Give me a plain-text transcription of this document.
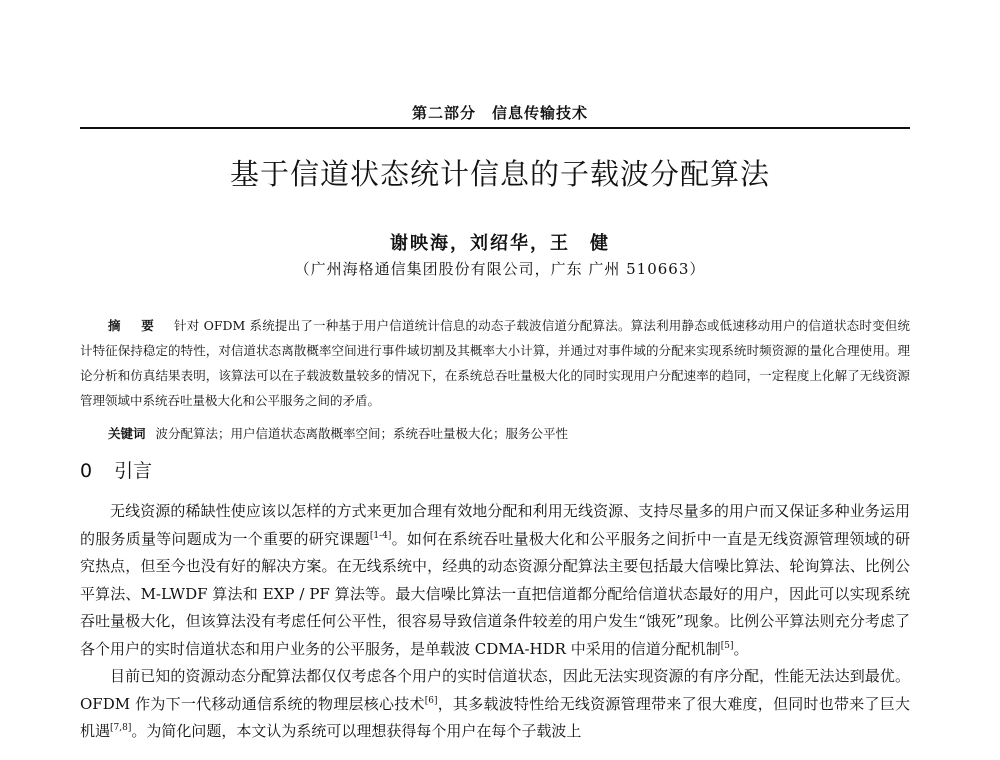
第二部分　信息传输技术
基于信道状态统计信息的子载波分配算法
谢映海，刘绍华，王　健
（广州海格通信集团股份有限公司，广东 广州 510663）
摘 要 针对 OFDM 系统提出了一种基于用户信道统计信息的动态子载波信道分配算法。算法利用静态或低速移动用户的信道状态时变但统计特征保持稳定的特性，对信道状态离散概率空间进行事件域切割及其概率大小计算，并通过对事件域的分配来实现系统时频资源的量化合理使用。理论分析和仿真结果表明，该算法可以在子载波数量较多的情况下，在系统总吞吐量极大化的同时实现用户分配速率的趋同，一定程度上化解了无线资源管理领域中系统吞吐量极大化和公平服务之间的矛盾。
关键词 波分配算法；用户信道状态离散概率空间；系统吞吐量极大化；服务公平性
0 引言

无线资源的稀缺性使应该以怎样的方式来更加合理有效地分配和利用无线资源、支持尽量多的用户而又保证多种业务运用的服务质量等问题成为一个重要的研究课题[1-4]。如何在系统吞吐量极大化和公平服务之间折中一直是无线资源管理领域的研究热点，但至今也没有好的解决方案。在无线系统中，经典的动态资源分配算法主要包括最大信噪比算法、轮询算法、比例公平算法、M-LWDF 算法和 EXP / PF 算法等。最大信噪比算法一直把信道都分配给信道状态最好的用户，因此可以实现系统吞吐量极大化，但该算法没有考虑任何公平性，很容易导致信道条件较差的用户发生“饿死”现象。比例公平算法则充分考虑了各个用户的实时信道状态和用户业务的公平服务，是单载波 CDMA-HDR 中采用的信道分配机制[5]。

目前已知的资源动态分配算法都仅仅考虑各个用户的实时信道状态，因此无法实现资源的有序分配，性能无法达到最优。OFDM 作为下一代移动通信系统的物理层核心技术[6]，其多载波特性给无线资源管理带来了很大难度，但同时也带来了巨大机遇[7,8]。为简化问题，本文认为系统可以理想获得每个用户在每个子载波上
